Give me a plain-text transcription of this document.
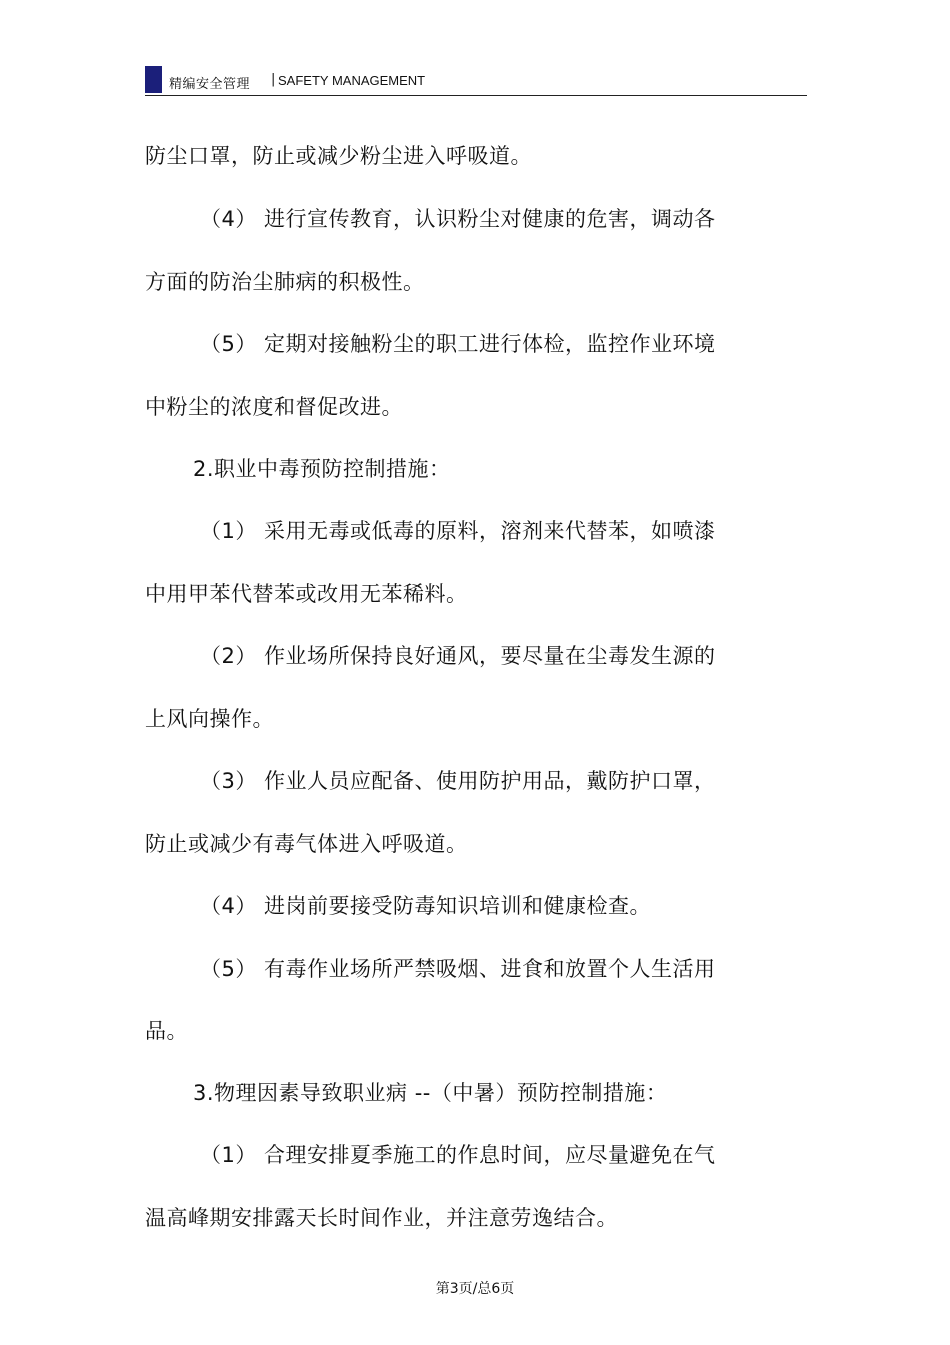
精编安全管理 | SAFETY MANAGEMENT
防尘口罩，防止或减少粉尘进入呼吸道。
（4） 进行宣传教育，认识粉尘对健康的危害，调动各
方面的防治尘肺病的积极性。
（5） 定期对接触粉尘的职工进行体检，监控作业环境
中粉尘的浓度和督促改进。
2.职业中毒预防控制措施：
（1） 采用无毒或低毒的原料，溶剂来代替苯，如喷漆
中用甲苯代替苯或改用无苯稀料。
（2） 作业场所保持良好通风，要尽量在尘毒发生源的
上风向操作。
（3） 作业人员应配备、使用防护用品，戴防护口罩，
防止或减少有毒气体进入呼吸道。
（4） 进岗前要接受防毒知识培训和健康检查。
（5） 有毒作业场所严禁吸烟、进食和放置个人生活用
品。
3.物理因素导致职业病 --（中暑）预防控制措施：
（1） 合理安排夏季施工的作息时间，应尽量避免在气
温高峰期安排露天长时间作业，并注意劳逸结合。
第3页/总6页
